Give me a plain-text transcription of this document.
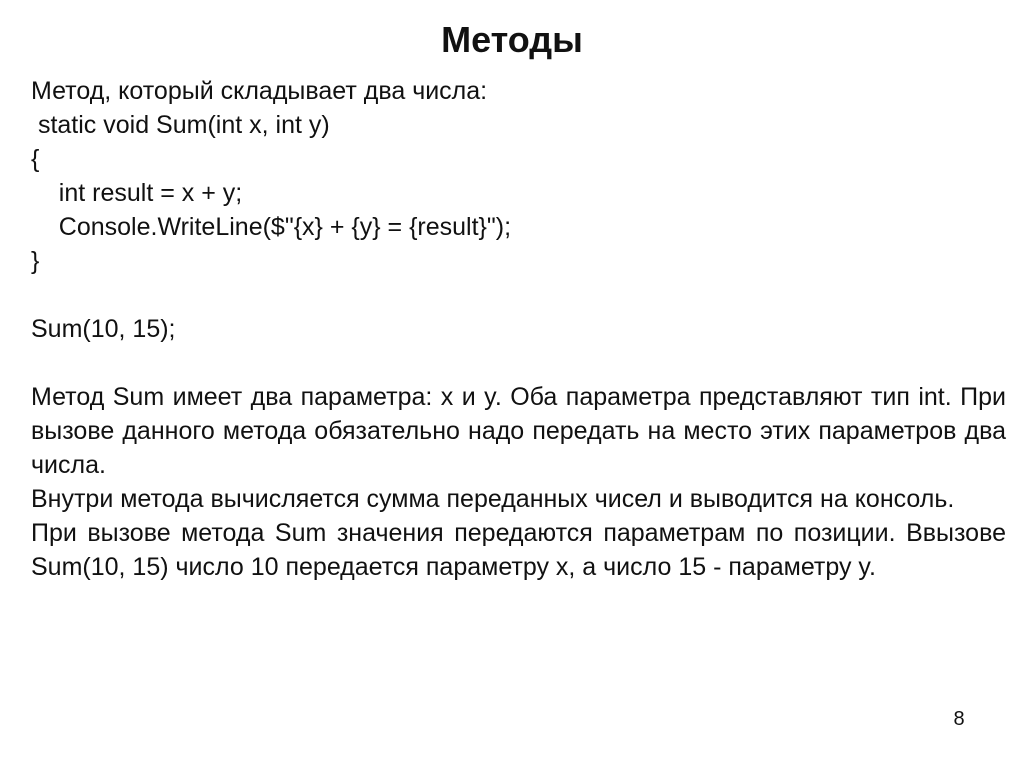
Методы
Метод, который складывает два числа:
static void Sum(int x, int y)
{
int result = x + y;
Console.WriteLine($"{x} + {y} = {result}");
}
Sum(10, 15);

Метод Sum имеет два параметра: x и y. Оба параметра представляют тип int. При вызове данного метода обязательно надо передать на место этих параметров два числа.

Внутри метода вычисляется сумма переданных чисел и выводится на консоль.

При вызове метода Sum значения передаются параметрам по позиции. Ввызове Sum(10, 15) число 10 передается параметру x, а число 15 - параметру y.

8
